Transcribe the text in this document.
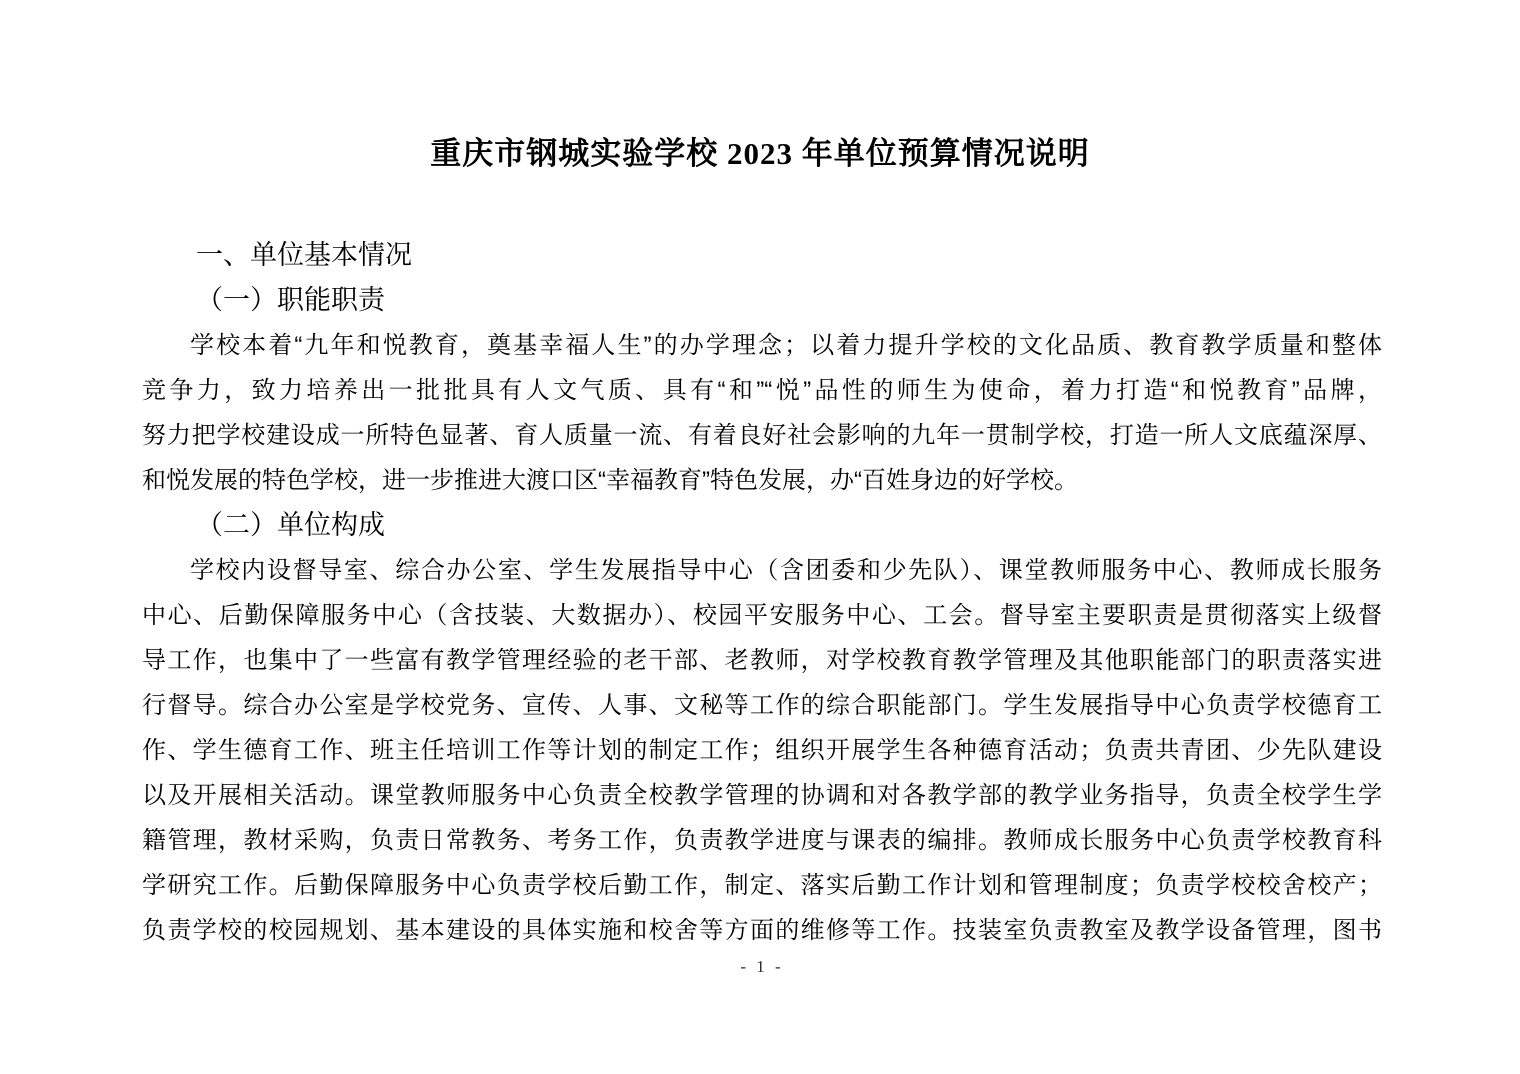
重庆市钢城实验学校 2023 年单位预算情况说明
一、单位基本情况
（一）职能职责
学校本着“九年和悦教育，奠基幸福人生”的办学理念；以着力提升学校的文化品质、教育教学质量和整体
竞争力，致力培养出一批批具有人文气质、具有“和”“悦”品性的师生为使命，着力打造“和悦教育”品牌，
努力把学校建设成一所特色显著、育人质量一流、有着良好社会影响的九年一贯制学校，打造一所人文底蕴深厚、
和悦发展的特色学校，进一步推进大渡口区“幸福教育”特色发展，办“百姓身边的好学校。
（二）单位构成
学校内设督导室、综合办公室、学生发展指导中心（含团委和少先队）、课堂教师服务中心、教师成长服务
中心、后勤保障服务中心（含技装、大数据办）、校园平安服务中心、工会。督导室主要职责是贯彻落实上级督
导工作，也集中了一些富有教学管理经验的老干部、老教师，对学校教育教学管理及其他职能部门的职责落实进
行督导。综合办公室是学校党务、宣传、人事、文秘等工作的综合职能部门。学生发展指导中心负责学校德育工
作、学生德育工作、班主任培训工作等计划的制定工作；组织开展学生各种德育活动；负责共青团、少先队建设
以及开展相关活动。课堂教师服务中心负责全校教学管理的协调和对各教学部的教学业务指导，负责全校学生学
籍管理，教材采购，负责日常教务、考务工作，负责教学进度与课表的编排。教师成长服务中心负责学校教育科
学研究工作。后勤保障服务中心负责学校后勤工作，制定、落实后勤工作计划和管理制度；负责学校校舍校产；
负责学校的校园规划、基本建设的具体实施和校舍等方面的维修等工作。技装室负责教室及教学设备管理，图书
- 1 -
